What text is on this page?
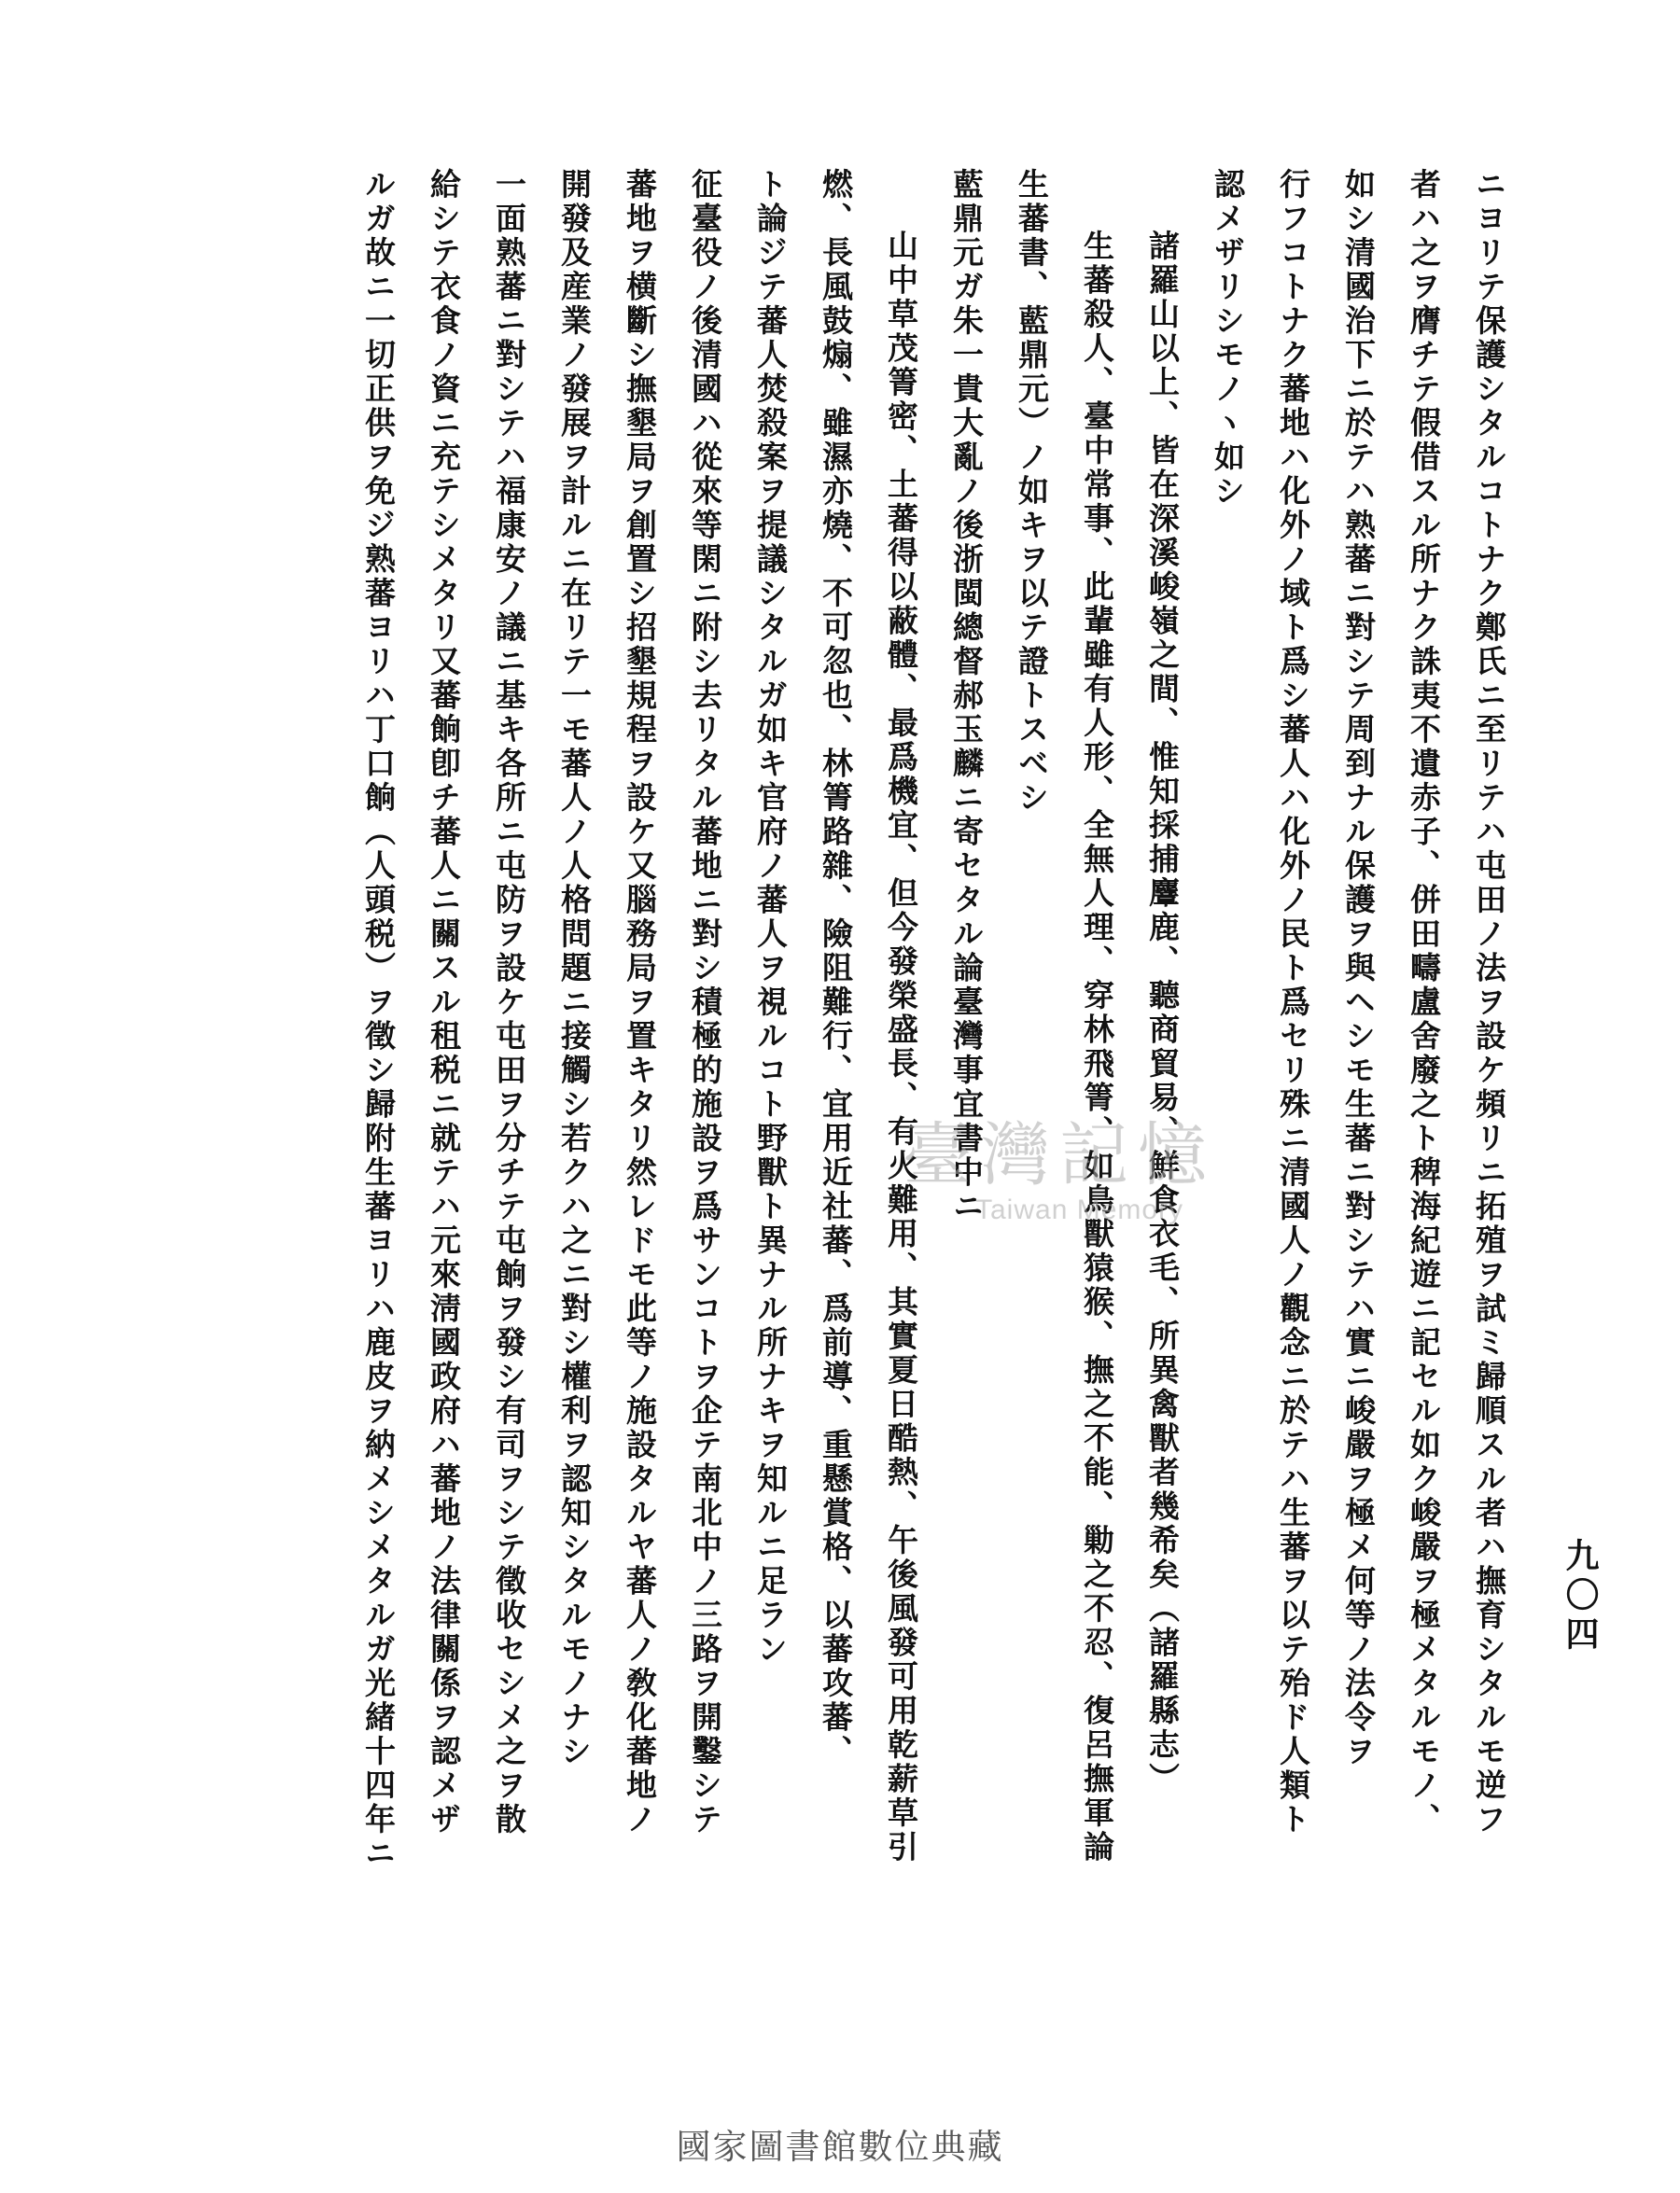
九〇四
ニヨリテ保護シタルコトナク鄭氏ニ至リテハ屯田ノ法ヲ設ケ頻リニ拓殖ヲ試ミ歸順スル者ハ撫育シタルモ逆フ
者ハ之ヲ膺チテ假借スル所ナク誅夷不遺赤子、併田疇盧舍廢之ト稗海紀遊ニ記セル如ク峻嚴ヲ極メタルモノ、
如シ清國治下ニ於テハ熟蕃ニ對シテ周到ナル保護ヲ與ヘシモ生蕃ニ對シテハ實ニ峻嚴ヲ極メ何等ノ法令ヲ
行フコトナク蕃地ハ化外ノ域ト爲シ蕃人ハ化外ノ民ト爲セリ殊ニ清國人ノ觀念ニ於テハ生蕃ヲ以テ殆ド人類ト
認メザリシモノヽ如シ
諸羅山以上、皆在深溪峻嶺之間、惟知採捕麞鹿、聽商貿易、鮮食衣毛、所異禽獸者幾希矣（諸羅縣志）
生蕃殺人、臺中常事、此輩雖有人形、全無人理、穿林飛箐、如鳥獸猿猴、撫之不能、勦之不忍、復呂撫軍論
生蕃書、藍鼎元）ノ如キヲ以テ證トスベシ
藍鼎元ガ朱一貴大亂ノ後浙閩總督郝玉麟ニ寄セタル論臺灣事宜書中ニ
山中草茂箐密、土蕃得以蔽體、最爲機宜、但今發榮盛長、有火難用、其實夏日酷熱、午後風發可用乾薪草引
燃、長風鼓煽、雖濕亦燒、不可忽也、林箐路雜、險阻難行、宜用近社蕃、爲前導、重懸賞格、以蕃攻蕃、
ト論ジテ蕃人焚殺案ヲ提議シタルガ如キ官府ノ蕃人ヲ視ルコト野獸ト異ナル所ナキヲ知ルニ足ラン
征臺役ノ後清國ハ從來等閑ニ附シ去リタル蕃地ニ對シ積極的施設ヲ爲サンコトヲ企テ南北中ノ三路ヲ開鑿シテ
蕃地ヲ横斷シ撫墾局ヲ創置シ招墾規程ヲ設ケ又腦務局ヲ置キタリ然レドモ此等ノ施設タルヤ蕃人ノ敎化蕃地ノ
開發及産業ノ發展ヲ計ルニ在リテ一モ蕃人ノ人格問題ニ接觸シ若クハ之ニ對シ權利ヲ認知シタルモノナシ
一面熟蕃ニ對シテハ福康安ノ議ニ基キ各所ニ屯防ヲ設ケ屯田ヲ分チテ屯餉ヲ發シ有司ヲシテ徵收セシメ之ヲ散
給シテ衣食ノ資ニ充テシメタリ又蕃餉卽チ蕃人ニ關スル租税ニ就テハ元來淸國政府ハ蕃地ノ法律關係ヲ認メザ
ルガ故ニ一切正供ヲ免ジ熟蕃ヨリハ丁口餉（人頭税）ヲ徵シ歸附生蕃ヨリハ鹿皮ヲ納メシメタルガ光緒十四年ニ	臺灣記憶
Taiwan Memory
國家圖書館數位典藏
